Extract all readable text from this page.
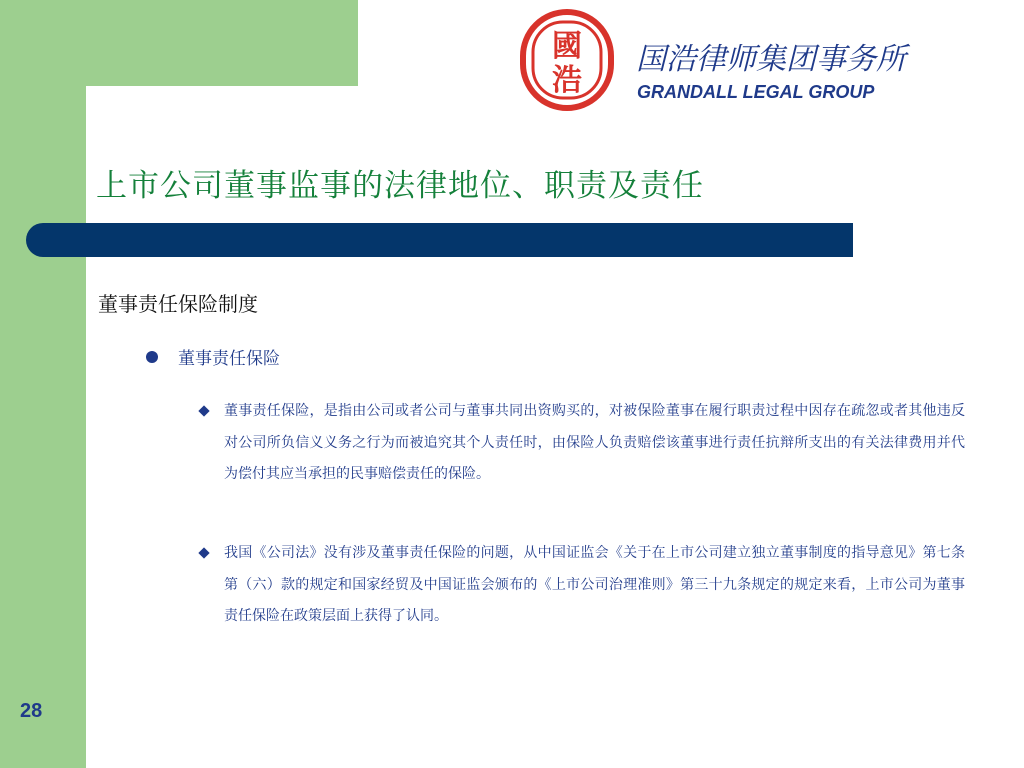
國
浩
国浩律师集团事务所
GRANDALL LEGAL GROUP
上市公司董事监事的法律地位、职责及责任
董事责任保险制度
董事责任保险
董事责任保险，是指由公司或者公司与董事共同出资购买的，对被保险董事在履行职责过程中因存在疏忽或者其他违反对公司所负信义义务之行为而被追究其个人责任时，由保险人负责赔偿该董事进行责任抗辩所支出的有关法律费用并代为偿付其应当承担的民事赔偿责任的保险。
我国《公司法》没有涉及董事责任保险的问题，从中国证监会《关于在上市公司建立独立董事制度的指导意见》第七条第（六）款的规定和国家经贸及中国证监会颁布的《上市公司治理准则》第三十九条规定的规定来看，上市公司为董事责任保险在政策层面上获得了认同。
28
